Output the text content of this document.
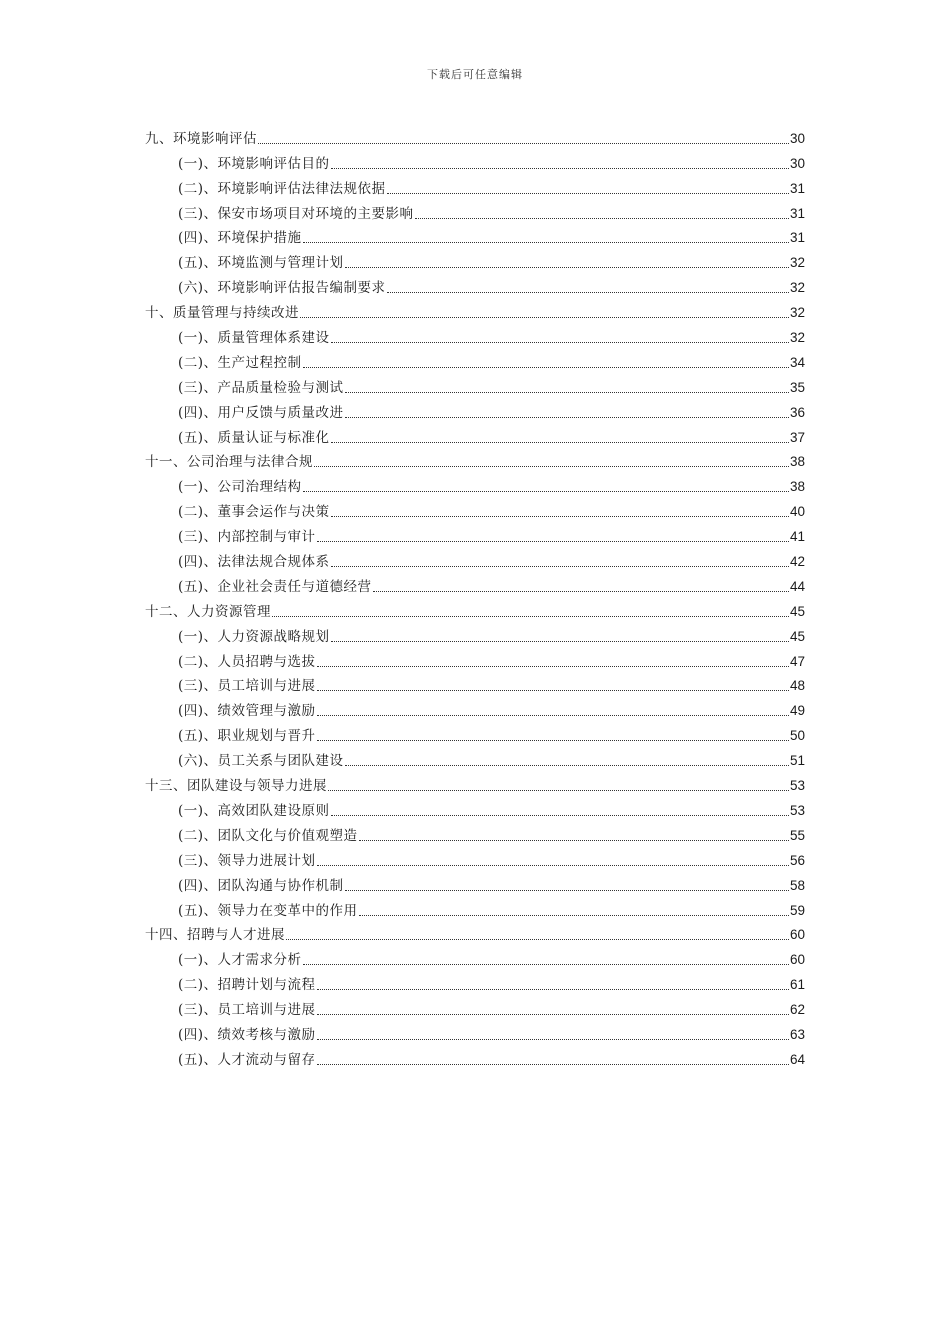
下载后可任意编辑
九、环境影响评估	30
(一)、环境影响评估目的	30
(二)、环境影响评估法律法规依据	31
(三)、保安市场项目对环境的主要影响	31
(四)、环境保护措施	31
(五)、环境监测与管理计划	32
(六)、环境影响评估报告编制要求	32
十、质量管理与持续改进	32
(一)、质量管理体系建设	32
(二)、生产过程控制	34
(三)、产品质量检验与测试	35
(四)、用户反馈与质量改进	36
(五)、质量认证与标准化	37
十一、公司治理与法律合规	38
(一)、公司治理结构	38
(二)、董事会运作与决策	40
(三)、内部控制与审计	41
(四)、法律法规合规体系	42
(五)、企业社会责任与道德经营	44
十二、人力资源管理	45
(一)、人力资源战略规划	45
(二)、人员招聘与选拔	47
(三)、员工培训与进展	48
(四)、绩效管理与激励	49
(五)、职业规划与晋升	50
(六)、员工关系与团队建设	51
十三、团队建设与领导力进展	53
(一)、高效团队建设原则	53
(二)、团队文化与价值观塑造	55
(三)、领导力进展计划	56
(四)、团队沟通与协作机制	58
(五)、领导力在变革中的作用	59
十四、招聘与人才进展	60
(一)、人才需求分析	60
(二)、招聘计划与流程	61
(三)、员工培训与进展	62
(四)、绩效考核与激励	63
(五)、人才流动与留存	64
